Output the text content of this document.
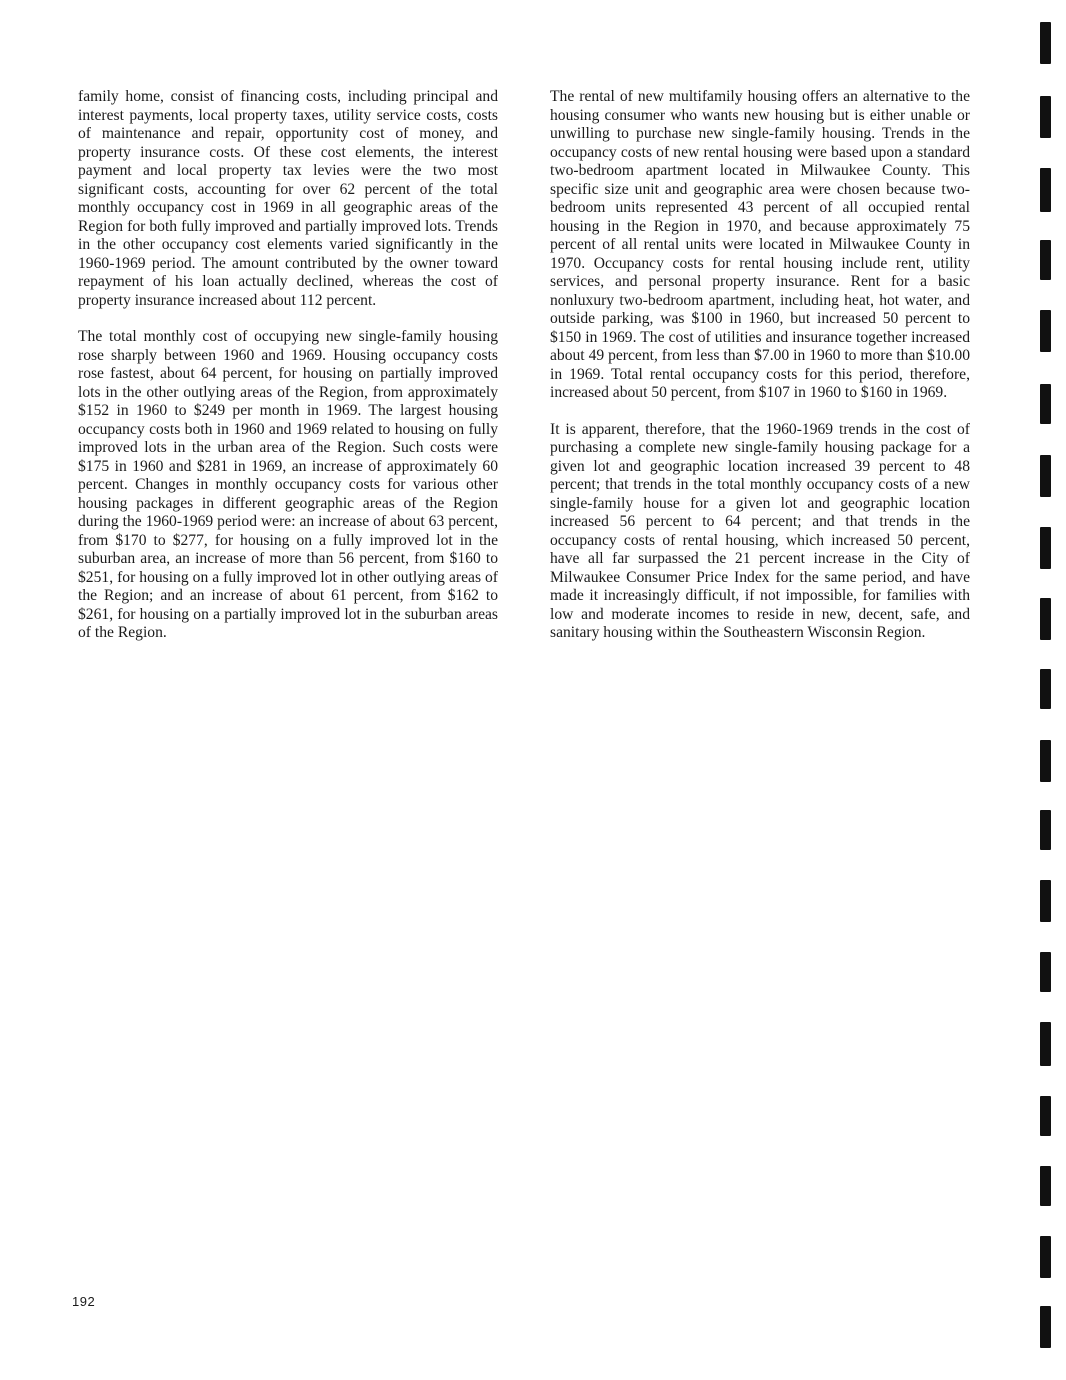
family home, consist of financing costs, including principal and interest payments, local property taxes, utility service costs, costs of maintenance and repair, opportunity cost of money, and property insurance costs. Of these cost elements, the interest payment and local property tax levies were the two most significant costs, accounting for over 62 percent of the total monthly occupancy cost in 1969 in all geographic areas of the Region for both fully improved and partially improved lots. Trends in the other occupancy cost elements varied significantly in the 1960-1969 period. The amount contributed by the owner toward repayment of his loan actually declined, whereas the cost of property insurance increased about 112 percent.

The total monthly cost of occupying new single-family housing rose sharply between 1960 and 1969. Housing occupancy costs rose fastest, about 64 percent, for housing on partially improved lots in the other outlying areas of the Region, from approximately $152 in 1960 to $249 per month in 1969. The largest housing occupancy costs both in 1960 and 1969 related to housing on fully improved lots in the urban area of the Region. Such costs were $175 in 1960 and $281 in 1969, an increase of approximately 60 percent. Changes in monthly occupancy costs for various other housing packages in different geographic areas of the Region during the 1960-1969 period were: an increase of about 63 percent, from $170 to $277, for housing on a fully improved lot in the suburban area, an increase of more than 56 percent, from $160 to $251, for housing on a fully improved lot in other outlying areas of the Region; and an increase of about 61 percent, from $162 to $261, for housing on a partially improved lot in the suburban areas of the Region.

The rental of new multifamily housing offers an alternative to the housing consumer who wants new housing but is either unable or unwilling to purchase new single-family housing. Trends in the occupancy costs of new rental housing were based upon a standard two-bedroom apartment located in Milwaukee County. This specific size unit and geographic area were chosen because two-bedroom units represented 43 percent of all occupied rental housing in the Region in 1970, and because approximately 75 percent of all rental units were located in Milwaukee County in 1970. Occupancy costs for rental housing include rent, utility services, and personal property insurance. Rent for a basic nonluxury two-bedroom apartment, including heat, hot water, and outside parking, was $100 in 1960, but increased 50 percent to $150 in 1969. The cost of utilities and insurance together increased about 49 percent, from less than $7.00 in 1960 to more than $10.00 in 1969. Total rental occupancy costs for this period, therefore, increased about 50 percent, from $107 in 1960 to $160 in 1969.

It is apparent, therefore, that the 1960-1969 trends in the cost of purchasing a complete new single-family housing package for a given lot and geographic location increased 39 percent to 48 percent; that trends in the total monthly occupancy costs of a new single-family house for a given lot and geographic location increased 56 percent to 64 percent; and that trends in the occupancy costs of rental housing, which increased 50 percent, have all far surpassed the 21 percent increase in the City of Milwaukee Consumer Price Index for the same period, and have made it increasingly difficult, if not impossible, for families with low and moderate incomes to reside in new, decent, safe, and sanitary housing within the Southeastern Wisconsin Region.

192
